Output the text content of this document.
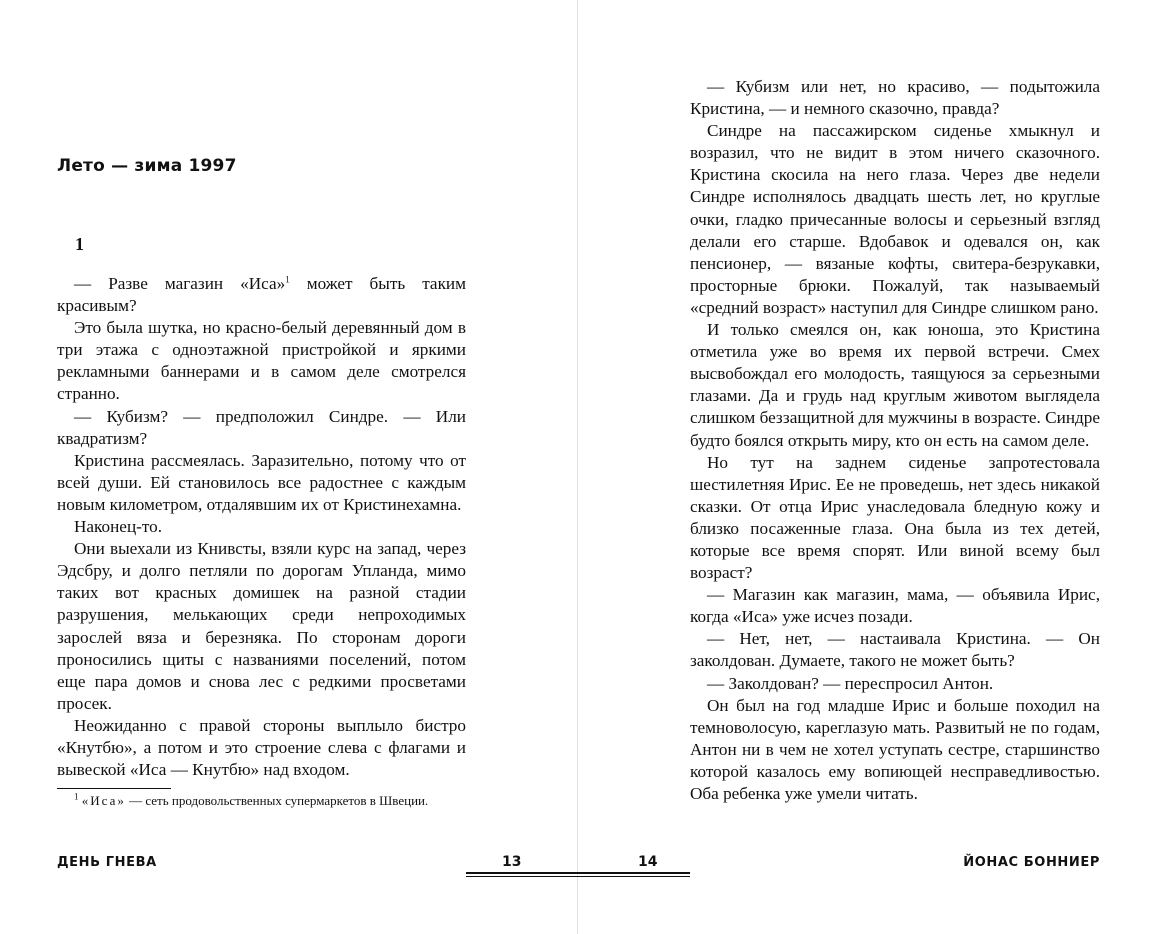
Лето — зима 1997
1

— Разве магазин «Иса»$^1$ может быть таким красивым?

Это была шутка, но красно-белый деревянный дом в три этажа с одноэтажной пристройкой и яркими рекламными баннерами и в самом деле смотрелся странно.

— Кубизм? — предположил Синдре. — Или квадратизм?

Кристина рассмеялась. Заразительно, потому что от всей души. Ей становилось все радостнее с каждым новым километром, отдалявшим их от Кристинехамна.

Наконец-то.

Они выехали из Книвсты, взяли курс на запад, через Эдсбру, и долго петляли по дорогам Упланда, мимо таких вот красных домишек на разной стадии разрушения, мелькающих среди непроходимых зарослей вяза и березняка. По сторонам дороги проносились щиты с названиями поселений, потом еще пара домов и снова лес с редкими просветами просек.

Неожиданно с правой стороны выплыло бистро «Кнутбю», а потом и это строение слева с флагами и вывеской «Иса — Кнутбю» над входом.

$^1$ «Иса» — сеть продовольственных супермаркетов в Швеции.
ДЕНЬ ГНЕВА	13

— Кубизм или нет, но красиво, — подытожила Кристина, — и немного сказочно, правда?

Синдре на пассажирском сиденье хмыкнул и возразил, что не видит в этом ничего сказочного. Кристина скосила на него глаза. Через две недели Синдре исполнялось двадцать шесть лет, но круглые очки, гладко причесанные волосы и серьезный взгляд делали его старше. Вдобавок и одевался он, как пенсионер, — вязаные кофты, свитера-безрукавки, просторные брюки. Пожалуй, так называемый «средний возраст» наступил для Синдре слишком рано.

И только смеялся он, как юноша, это Кристина отметила уже во время их первой встречи. Смех высвобождал его молодость, таящуюся за серьезными глазами. Да и грудь над круглым животом выглядела слишком беззащитной для мужчины в возрасте. Синдре будто боялся открыть миру, кто он есть на самом деле.

Но тут на заднем сиденье запротестовала шестилетняя Ирис. Ее не проведешь, нет здесь никакой сказки. От отца Ирис унаследовала бледную кожу и близко посаженные глаза. Она была из тех детей, которые все время спорят. Или виной всему был возраст?

— Магазин как магазин, мама, — объявила Ирис, когда «Иса» уже исчез позади.

— Нет, нет, — настаивала Кристина. — Он заколдован. Думаете, такого не может быть?

— Заколдован? — переспросил Антон.

Он был на год младше Ирис и больше походил на темноволосую, кареглазую мать. Развитый не по годам, Антон ни в чем не хотел уступать сестре, старшинство которой казалось ему вопиющей несправедливостью. Оба ребенка уже умели читать.

14	ЙОНАС БОННИЕР
